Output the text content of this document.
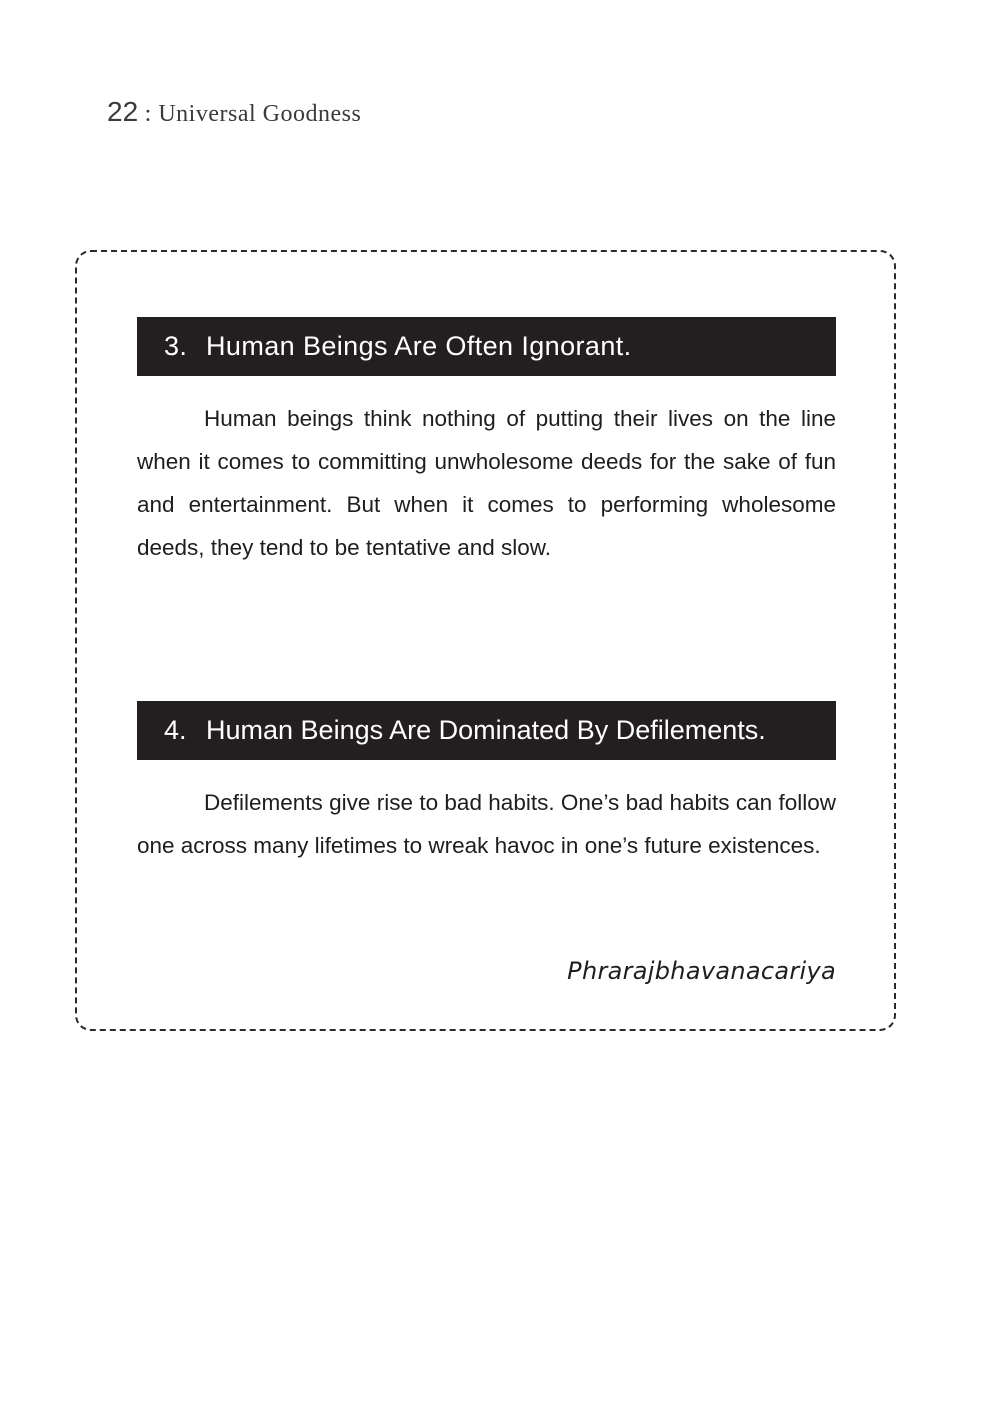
22 : Universal Goodness
3. Human Beings Are Often Ignorant.

Human beings think nothing of putting their lives on the line when it comes to committing unwholesome deeds for the sake of fun and entertainment. But when it comes to performing wholesome deeds, they tend to be tentative and slow.

4. Human Beings Are Dominated By Defilements.

Defilements give rise to bad habits. One’s bad habits can follow one across many lifetimes to wreak havoc in one’s future existences.

Phrarajbhavanacariya
